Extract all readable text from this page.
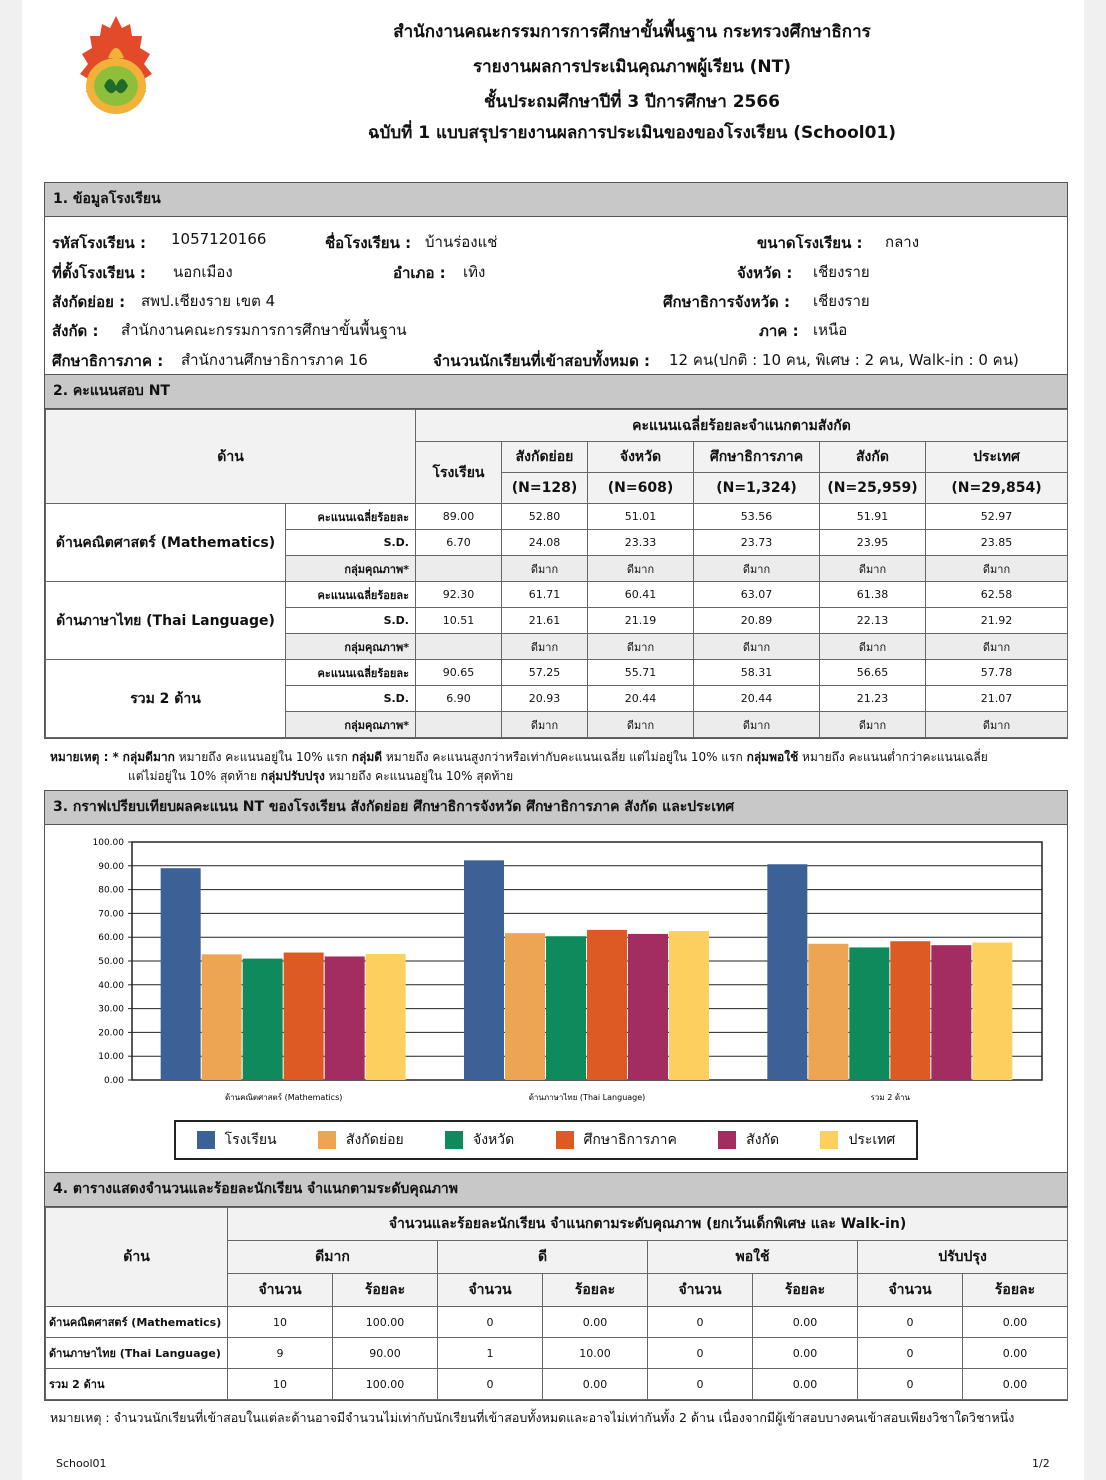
สำนักงานคณะกรรมการการศึกษาขั้นพื้นฐาน กระทรวงศึกษาธิการ
รายงานผลการประเมินคุณภาพผู้เรียน (NT)
ชั้นประถมศึกษาปีที่ 3 ปีการศึกษา 2566
ฉบับที่ 1 แบบสรุปรายงานผลการประเมินของของโรงเรียน (School01)
1. ข้อมูลโรงเรียน
รหัสโรงเรียน : 1057120166	ชื่อโรงเรียน : บ้านร่องแช่	ขนาดโรงเรียน : กลาง
ที่ตั้งโรงเรียน : นอกเมือง	อำเภอ : เทิง	จังหวัด : เชียงราย
สังกัดย่อย : สพป.เชียงราย เขต 4	ศึกษาธิการจังหวัด : เชียงราย
สังกัด : สำนักงานคณะกรรมการการศึกษาขั้นพื้นฐาน	ภาค : เหนือ
ศึกษาธิการภาค : สำนักงานศึกษาธิการภาค 16	จำนวนนักเรียนที่เข้าสอบทั้งหมด : 12 คน(ปกติ : 10 คน, พิเศษ : 2 คน, Walk-in : 0 คน)
2. คะแนนสอบ NT
ด้าน		คะแนนเฉลี่ยร้อยละจำแนกตามสังกัด					
		โรงเรียน	สังกัดย่อย	จังหวัด	ศึกษาธิการภาค	สังกัด	ประเทศ
			(N=128)	(N=608)	(N=1,324)	(N=25,959)	(N=29,854)
ด้านคณิตศาสตร์ (Mathematics)	คะแนนเฉลี่ยร้อยละ	89.00	52.80	51.01	53.56	51.91	52.97
	S.D.	6.70	24.08	23.33	23.73	23.95	23.85
	กลุ่มคุณภาพ*		ดีมาก	ดีมาก	ดีมาก	ดีมาก	ดีมาก
ด้านภาษาไทย (Thai Language)	คะแนนเฉลี่ยร้อยละ	92.30	61.71	60.41	63.07	61.38	62.58
	S.D.	10.51	21.61	21.19	20.89	22.13	21.92
	กลุ่มคุณภาพ*		ดีมาก	ดีมาก	ดีมาก	ดีมาก	ดีมาก
รวม 2 ด้าน	คะแนนเฉลี่ยร้อยละ	90.65	57.25	55.71	58.31	56.65	57.78
	S.D.	6.90	20.93	20.44	20.44	21.23	21.07
	กลุ่มคุณภาพ*		ดีมาก	ดีมาก	ดีมาก	ดีมาก	ดีมาก
หมายเหตุ : * กลุ่มดีมาก หมายถึง คะแนนอยู่ใน 10% แรก กลุ่มดี หมายถึง คะแนนสูงกว่าหรือเท่ากับคะแนนเฉลี่ย แต่ไม่อยู่ใน 10% แรก กลุ่มพอใช้ หมายถึง คะแนนต่ำกว่าคะแนนเฉลี่ย
แต่ไม่อยู่ใน 10% สุดท้าย กลุ่มปรับปรุง หมายถึง คะแนนอยู่ใน 10% สุดท้าย
3. กราฟเปรียบเทียบผลคะแนน NT ของโรงเรียน สังกัดย่อย ศึกษาธิการจังหวัด ศึกษาธิการภาค สังกัด และประเทศ
0.00
10.00
20.00
30.00
40.00
50.00
60.00
70.00
80.00
90.00
100.00
ด้านคณิตศาสตร์ (Mathematics)	ด้านภาษาไทย (Thai Language)	รวม 2 ด้าน
โรงเรียน	สังกัดย่อย	จังหวัด	ศึกษาธิการภาค	สังกัด	ประเทศ
4. ตารางแสดงจำนวนและร้อยละนักเรียน จำแนกตามระดับคุณภาพ
ด้าน	จำนวนและร้อยละนักเรียน จำแนกตามระดับคุณภาพ (ยกเว้นเด็กพิเศษ และ Walk-in)							
	ดีมาก		ดี		พอใช้		ปรับปรุง	
	จำนวน	ร้อยละ	จำนวน	ร้อยละ	จำนวน	ร้อยละ	จำนวน	ร้อยละ
ด้านคณิตศาสตร์ (Mathematics)	10	100.00	0	0.00	0	0.00	0	0.00
ด้านภาษาไทย (Thai Language)	9	90.00	1	10.00	0	0.00	0	0.00
รวม 2 ด้าน	10	100.00	0	0.00	0	0.00	0	0.00
หมายเหตุ : จำนวนนักเรียนที่เข้าสอบในแต่ละด้านอาจมีจำนวนไม่เท่ากับนักเรียนที่เข้าสอบทั้งหมดและอาจไม่เท่ากันทั้ง 2 ด้าน เนื่องจากมีผู้เข้าสอบบางคนเข้าสอบเพียงวิชาใดวิชาหนึ่ง
School01	1/2
